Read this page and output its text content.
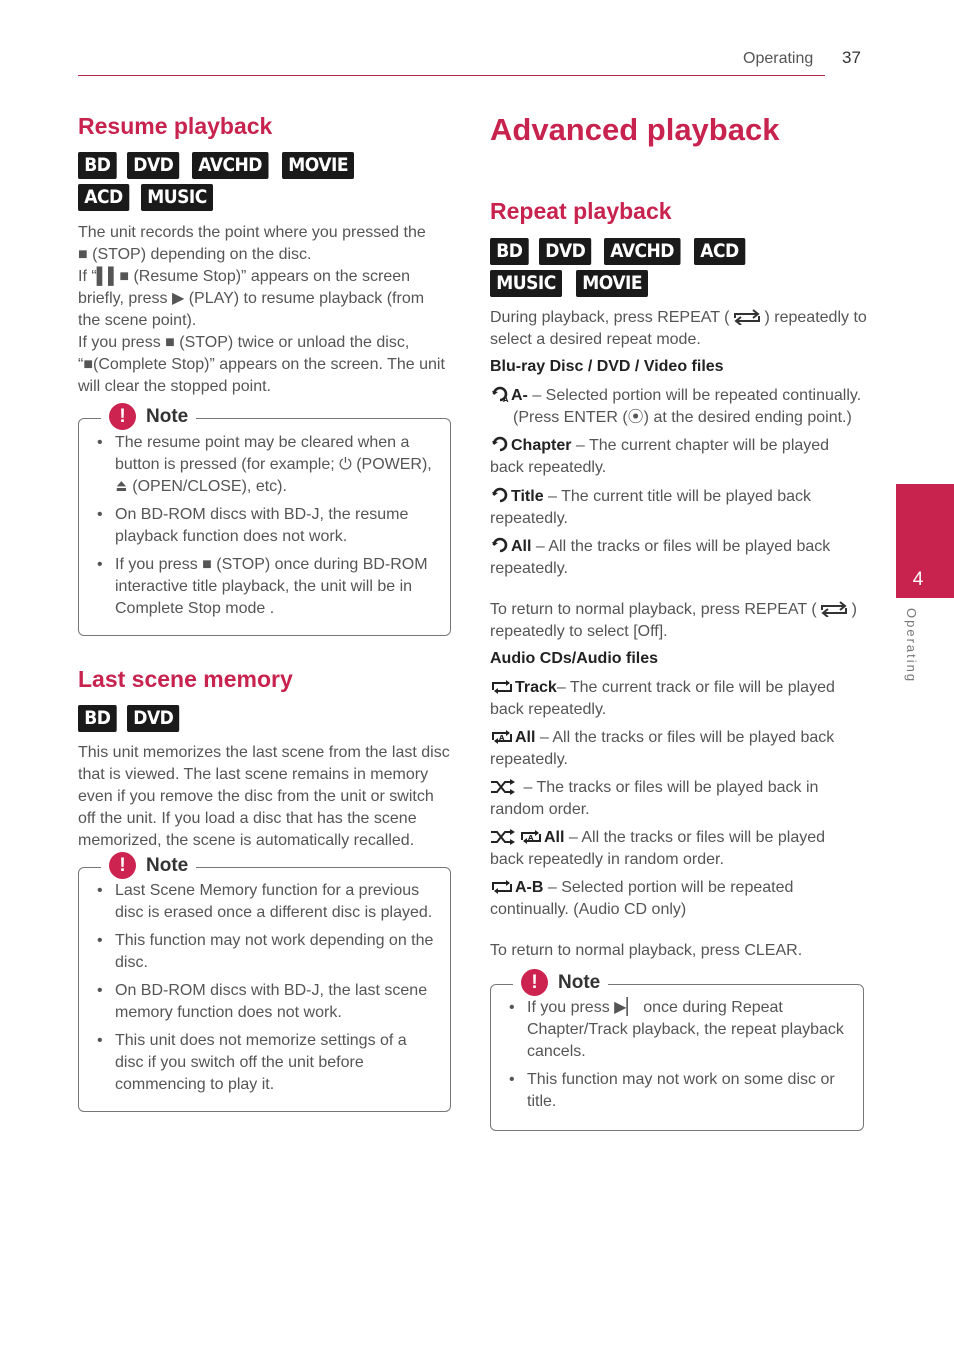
Operating 37
4
Operating
Resume playback
BD	DVD	AVCHD	MOVIE
ACD	MUSIC
The unit records the point where you pressed the
■ (STOP) depending on the disc.
If “▌▌■ (Resume Stop)” appears on the screen
briefly, press ▶ (PLAY) to resume playback (from
the scene point).
If you press ■ (STOP) twice or unload the disc,
“■(Complete Stop)” appears on the screen. The unit
will clear the stopped point.
!	Note
• The resume point may be cleared when a button is pressed (for example; ⏻ (POWER), ⏏ (OPEN/CLOSE), etc).
• On BD-ROM discs with BD-J, the resume playback function does not work.
• If you press ■ (STOP) once during BD-ROM interactive title playback, the unit will be in Complete Stop mode .
Last scene memory
BD	DVD
This unit memorizes the last scene from the last disc
that is viewed. The last scene remains in memory
even if you remove the disc from the unit or switch
off the unit. If you load a disc that has the scene
memorized, the scene is automatically recalled.
!	Note
• Last Scene Memory function for a previous disc is erased once a different disc is played.
• This function may not work depending on the disc.
• On BD-ROM discs with BD-J, the last scene memory function does not work.
• This unit does not memorize settings of a disc if you switch off the unit before commencing to play it.
Advanced playback
Repeat playback
BD	DVD	AVCHD	ACD
MUSIC	MOVIE
During playback, press REPEAT ( ) repeatedly to
select a desired repeat mode.
Blu-ray Disc / DVD / Video files
A A- – Selected portion will be repeated continually.
(Press ENTER (⦿) at the desired ending point.)
Chapter – The current chapter will be played
back repeatedly.
Title – The current title will be played back
repeatedly.
All – All the tracks or files will be played back
repeatedly.
To return to normal playback, press REPEAT ( )
repeatedly to select [Off].
Audio CDs/Audio files
Track– The current track or file will be played
back repeatedly.
A All – All the tracks or files will be played back
repeatedly.
– The tracks or files will be played back in
random order.
A All – All the tracks or files will be played
back repeatedly in random order.
A-B – Selected portion will be repeated
continually. (Audio CD only)
To return to normal playback, press CLEAR.
!	Note
• If you press ▶▏ once during Repeat Chapter/Track playback, the repeat playback cancels.
• This function may not work on some disc or title.
